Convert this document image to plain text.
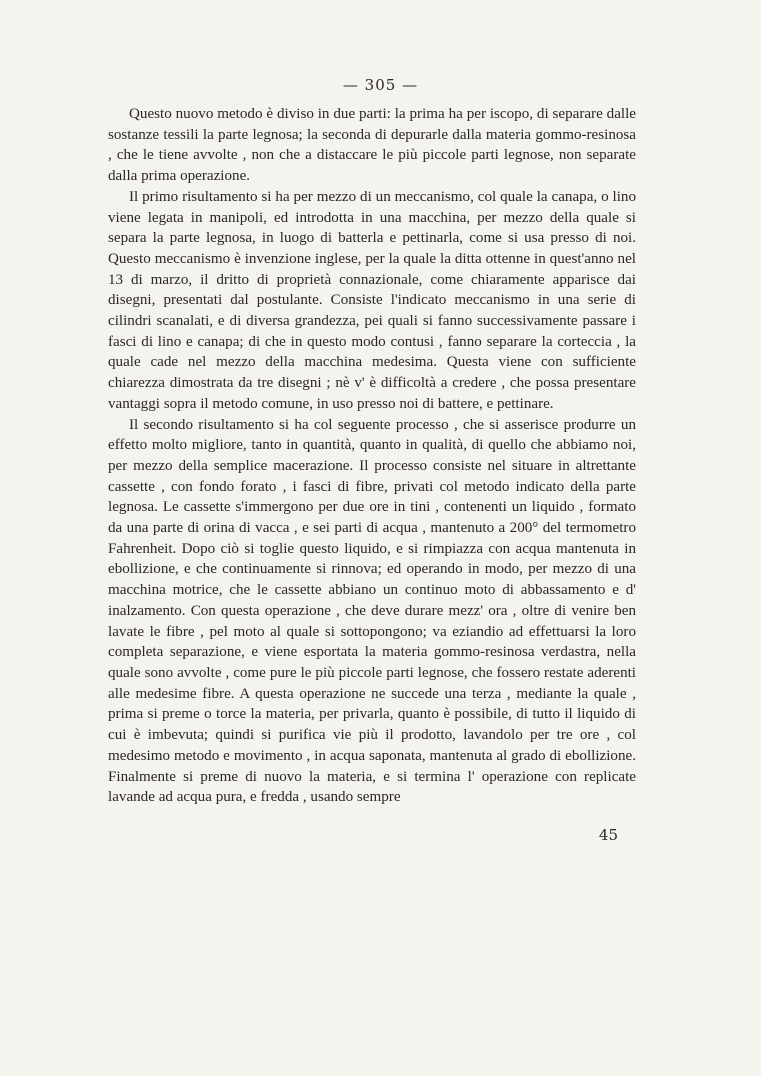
— 305 —

Questo nuovo metodo è diviso in due parti: la prima ha per iscopo, di separare dalle sostanze tessili la parte legnosa; la seconda di depurarle dalla materia gommo-resinosa , che le tiene avvolte , non che a distaccare le più piccole parti legnose, non separate dalla prima operazione.

Il primo risultamento si ha per mezzo di un meccanismo, col quale la canapa, o lino viene legata in manipoli, ed introdotta in una macchina, per mezzo della quale si separa la parte legnosa, in luogo di batterla e pettinarla, come si usa presso di noi. Questo meccanismo è invenzione inglese, per la quale la ditta ottenne in quest'anno nel 13 di marzo, il dritto di proprietà connazionale, come chiaramente apparisce dai disegni, presentati dal postulante. Consiste l'indicato meccanismo in una serie di cilindri scanalati, e di diversa grandezza, pei quali si fanno successivamente passare i fasci di lino e canapa; di che in questo modo contusi , fanno separare la corteccia , la quale cade nel mezzo della macchina medesima. Questa viene con sufficiente chiarezza dimostrata da tre disegni ; nè v' è difficoltà a credere , che possa presentare vantaggi sopra il metodo comune, in uso presso noi di battere, e pettinare.

Il secondo risultamento si ha col seguente processo , che si asserisce produrre un effetto molto migliore, tanto in quantità, quanto in qualità, di quello che abbiamo noi, per mezzo della semplice macerazione. Il processo consiste nel situare in altrettante cassette , con fondo forato , i fasci di fibre, privati col metodo indicato della parte legnosa. Le cassette s'immergono per due ore in tini , contenenti un liquido , formato da una parte di orina di vacca , e sei parti di acqua , mantenuto a 200° del termometro Fahrenheit. Dopo ciò si toglie questo liquido, e si rimpiazza con acqua mantenuta in ebollizione, e che continuamente si rinnova; ed operando in modo, per mezzo di una macchina motrice, che le cassette abbiano un continuo moto di abbassamento e d' inalzamento. Con questa operazione , che deve durare mezz' ora , oltre di venire ben lavate le fibre , pel moto al quale si sottopongono; va eziandio ad effettuarsi la loro completa separazione, e viene esportata la materia gommo-resinosa verdastra, nella quale sono avvolte , come pure le più piccole parti legnose, che fossero restate aderenti alle medesime fibre. A questa operazione ne succede una terza , mediante la quale , prima si preme o torce la materia, per privarla, quanto è possibile, di tutto il liquido di cui è imbevuta; quindi si purifica vie più il prodotto, lavandolo per tre ore , col medesimo metodo e movimento , in acqua saponata, mantenuta al grado di ebollizione. Finalmente si preme di nuovo la materia, e si termina l' operazione con replicate lavande ad acqua pura, e fredda , usando sempre

45
